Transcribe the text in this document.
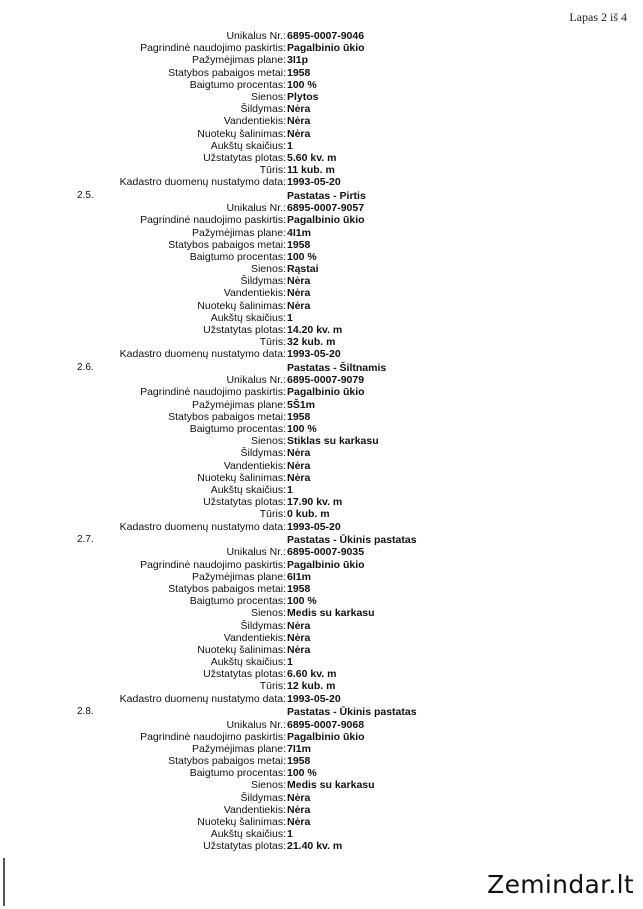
Lapas 2 iš 4
Unikalus Nr.: 6895-0007-9046
Pagrindinė naudojimo paskirtis: Pagalbinio ūkio
Pažymėjimas plane: 3I1p
Statybos pabaigos metai: 1958
Baigtumo procentas: 100 %
Sienos: Plytos
Šildymas: Nėra
Vandentiekis: Nėra
Nuotekų šalinimas: Nėra
Aukštų skaičius: 1
Užstatytas plotas: 5.60 kv. m
Tūris: 11 kub. m
Kadastro duomenų nustatymo data: 1993-05-20
2.5.	Pastatas - Pirtis
Unikalus Nr.: 6895-0007-9057
Pagrindinė naudojimo paskirtis: Pagalbinio ūkio
Pažymėjimas plane: 4I1m
Statybos pabaigos metai: 1958
Baigtumo procentas: 100 %
Sienos: Rąstai
Šildymas: Nėra
Vandentiekis: Nėra
Nuotekų šalinimas: Nėra
Aukštų skaičius: 1
Užstatytas plotas: 14.20 kv. m
Tūris: 32 kub. m
Kadastro duomenų nustatymo data: 1993-05-20
2.6.	Pastatas - Šiltnamis
Unikalus Nr.: 6895-0007-9079
Pagrindinė naudojimo paskirtis: Pagalbinio ūkio
Pažymėjimas plane: 5Š1m
Statybos pabaigos metai: 1958
Baigtumo procentas: 100 %
Sienos: Stiklas su karkasu
Šildymas: Nėra
Vandentiekis: Nėra
Nuotekų šalinimas: Nėra
Aukštų skaičius: 1
Užstatytas plotas: 17.90 kv. m
Tūris: 0 kub. m
Kadastro duomenų nustatymo data: 1993-05-20
2.7.	Pastatas - Ūkinis pastatas
Unikalus Nr.: 6895-0007-9035
Pagrindinė naudojimo paskirtis: Pagalbinio ūkio
Pažymėjimas plane: 6I1m
Statybos pabaigos metai: 1958
Baigtumo procentas: 100 %
Sienos: Medis su karkasu
Šildymas: Nėra
Vandentiekis: Nėra
Nuotekų šalinimas: Nėra
Aukštų skaičius: 1
Užstatytas plotas: 6.60 kv. m
Tūris: 12 kub. m
Kadastro duomenų nustatymo data: 1993-05-20
2.8.	Pastatas - Ūkinis pastatas
Unikalus Nr.: 6895-0007-9068
Pagrindinė naudojimo paskirtis: Pagalbinio ūkio
Pažymėjimas plane: 7I1m
Statybos pabaigos metai: 1958
Baigtumo procentas: 100 %
Sienos: Medis su karkasu
Šildymas: Nėra
Vandentiekis: Nėra
Nuotekų šalinimas: Nėra
Aukštų skaičius: 1
Užstatytas plotas: 21.40 kv. m
Zemindar.lt
